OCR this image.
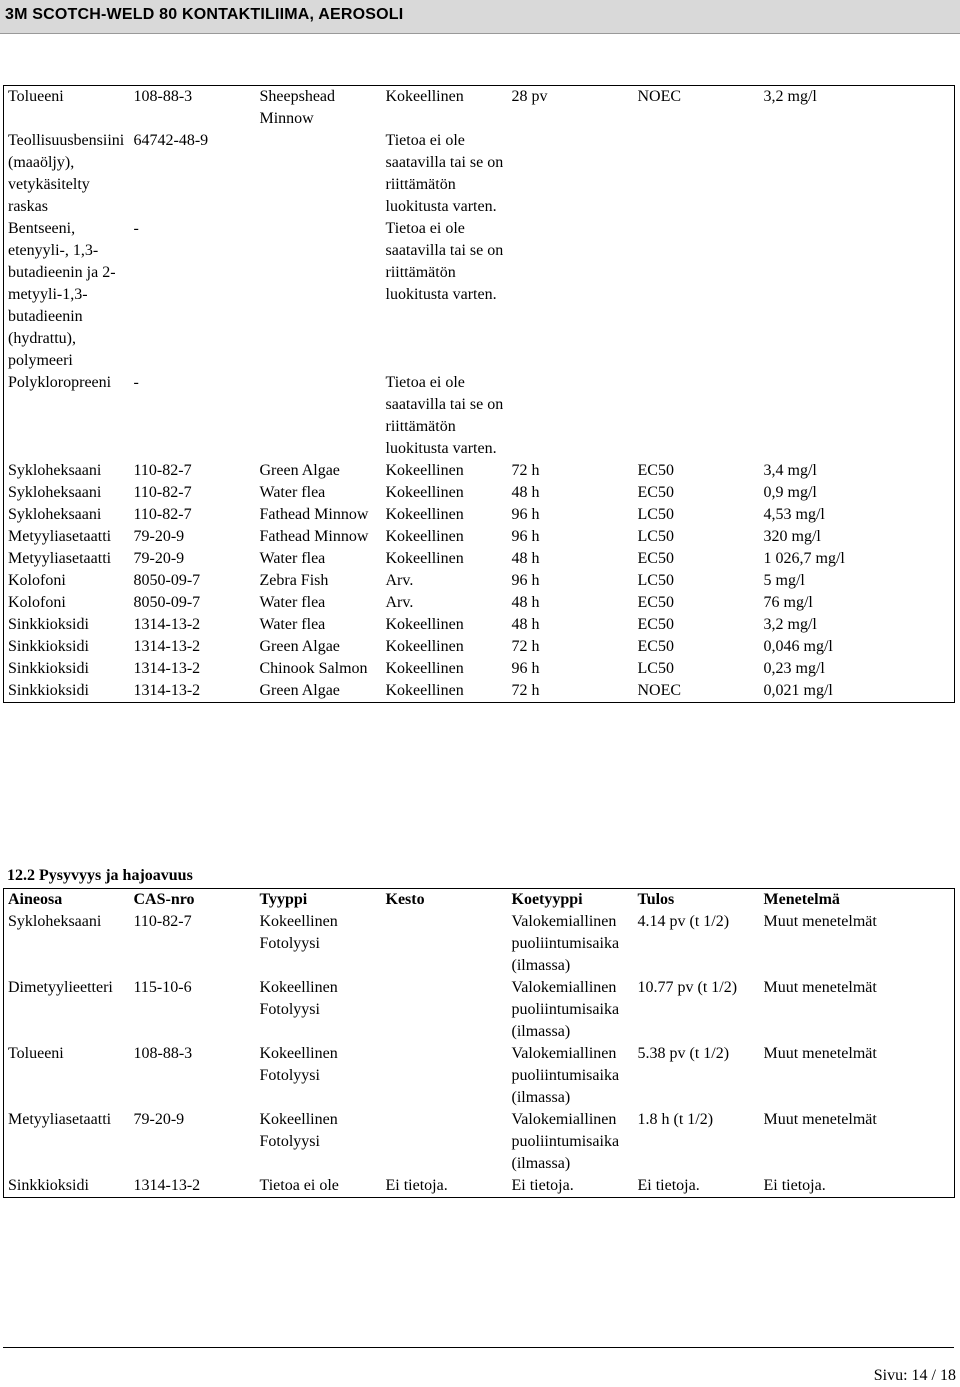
3M SCOTCH-WELD 80 KONTAKTILIIMA, AEROSOLI
Tolueeni	108-88-3	Sheepshead Minnow	Kokeellinen	28 pv	NOEC	3,2 mg/l
Teollisuusbensiini (maaöljy), vetykäsitelty raskas	64742-48-9		Tietoa ei ole saatavilla tai se on riittämätön luokitusta varten.			
Bentseeni, etenyyli-, 1,3-butadieenin ja 2-metyyli-1,3-butadieenin (hydrattu), polymeeri	-		Tietoa ei ole saatavilla tai se on riittämätön luokitusta varten.			
Polykloropreeni	-		Tietoa ei ole saatavilla tai se on riittämätön luokitusta varten.			
Sykloheksaani	110-82-7	Green Algae	Kokeellinen	72 h	EC50	3,4 mg/l
Sykloheksaani	110-82-7	Water flea	Kokeellinen	48 h	EC50	0,9 mg/l
Sykloheksaani	110-82-7	Fathead Minnow	Kokeellinen	96 h	LC50	4,53 mg/l
Metyyliasetaatti	79-20-9	Fathead Minnow	Kokeellinen	96 h	LC50	320 mg/l
Metyyliasetaatti	79-20-9	Water flea	Kokeellinen	48 h	EC50	1 026,7 mg/l
Kolofoni	8050-09-7	Zebra Fish	Arv.	96 h	LC50	5 mg/l
Kolofoni	8050-09-7	Water flea	Arv.	48 h	EC50	76 mg/l
Sinkkioksidi	1314-13-2	Water flea	Kokeellinen	48 h	EC50	3,2 mg/l
Sinkkioksidi	1314-13-2	Green Algae	Kokeellinen	72 h	EC50	0,046 mg/l
Sinkkioksidi	1314-13-2	Chinook Salmon	Kokeellinen	96 h	LC50	0,23 mg/l
Sinkkioksidi	1314-13-2	Green Algae	Kokeellinen	72 h	NOEC	0,021 mg/l
12.2 Pysyvyys ja hajoavuus
Aineosa	CAS-nro	Tyyppi	Kesto	Koetyyppi	Tulos	Menetelmä
Sykloheksaani	110-82-7	Kokeellinen Fotolyysi		Valokemiallinen puoliintumisaika (ilmassa)	4.14 pv (t 1/2)	Muut menetelmät
Dimetyylieetteri	115-10-6	Kokeellinen Fotolyysi		Valokemiallinen puoliintumisaika (ilmassa)	10.77 pv (t 1/2)	Muut menetelmät
Tolueeni	108-88-3	Kokeellinen Fotolyysi		Valokemiallinen puoliintumisaika (ilmassa)	5.38 pv (t 1/2)	Muut menetelmät
Metyyliasetaatti	79-20-9	Kokeellinen Fotolyysi		Valokemiallinen puoliintumisaika (ilmassa)	1.8 h (t 1/2)	Muut menetelmät
Sinkkioksidi	1314-13-2	Tietoa ei ole	Ei tietoja.	Ei tietoja.	Ei tietoja.	Ei tietoja.
Sivu: 14 / 18
